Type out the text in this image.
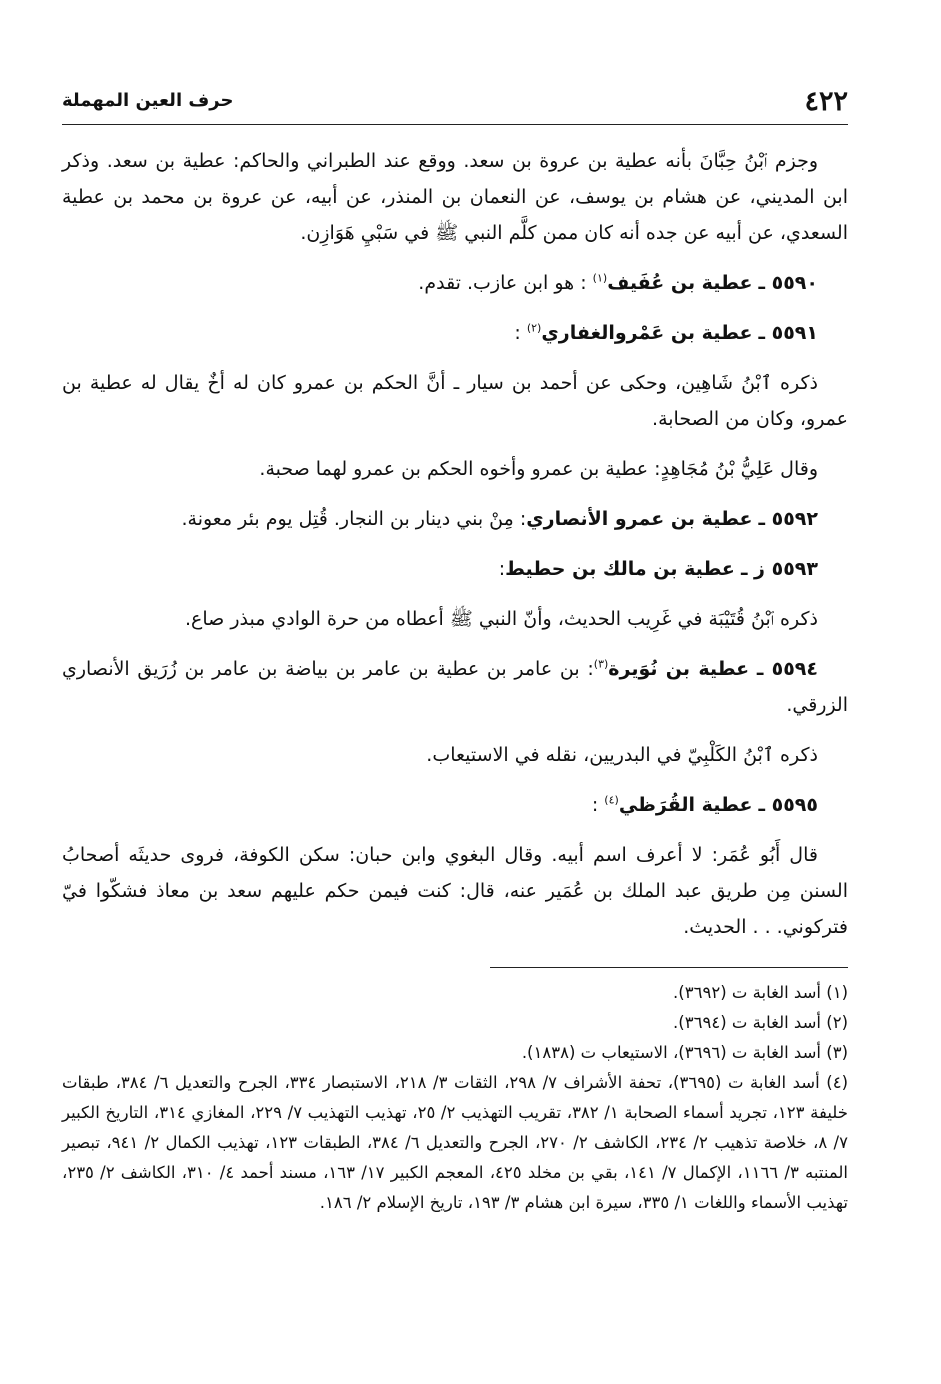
٤٢٢
حرف العين المهملة

وجزم ٱبْنُ حِبَّانَ بأنه عطية بن عروة بن سعد. ووقع عند الطبراني والحاكم: عطية بن سعد. وذكر ابن المديني، عن هشام بن يوسف، عن النعمان بن المنذر، عن أبيه، عن عروة بن محمد بن عطية السعدي، عن أبيه عن جده أنه كان ممن كلَّم النبي ﷺ في سَبْيِ هَوَازِن.

٥٥٩٠ ـ عطية بن عُفَيف$^{(١)}$ : هو ابن عازب. تقدم.

٥٥٩١ ـ عطية بن عَمْروالغفاري$^{(٢)}$ :

ذكره ٱبْنُ شَاهِين، وحكى عن أحمد بن سيار ـ أنَّ الحكم بن عمرو كان له أخٌ يقال له عطية بن عمرو، وكان من الصحابة.

وقال عَلِيُّ بْنُ مُجَاهِدٍ: عطية بن عمرو وأخوه الحكم بن عمرو لهما صحبة.

٥٥٩٢ ـ عطية بن عمرو الأنصاري: مِنْ بني دينار بن النجار. قُتِل يوم بئر معونة.

٥٥٩٣ ز ـ عطية بن مالك بن حطيط:

ذكره ٱبْنُ قُتَيْبَة في غَرِيب الحديث، وأنّ النبي ﷺ أعطاه من حرة الوادي مبذر صاع.

٥٥٩٤ ـ عطية بن نُوَيرة$^{(٣)}$: بن عامر بن عطية بن عامر بن بياضة بن عامر بن زُرَيق الأنصاري الزرقي.

ذكره ٱبْنُ الكَلْبِيّ في البدريين، نقله في الاستيعاب.

٥٥٩٥ ـ عطية القُرَظي$^{(٤)}$ :

قال أَبُو عُمَر: لا أعرف اسم أبيه. وقال البغوي وابن حبان: سكن الكوفة، فروى حديثَه أصحابُ السنن مِن طريق عبد الملك بن عُمَير عنه، قال: كنت فيمن حكم عليهم سعد بن معاذ فشكّوا فيّ فتركوني. . . الحديث.

(١) أسد الغابة ت (٣٦٩٢).
(٢) أسد الغابة ت (٣٦٩٤).
(٣) أسد الغابة ت (٣٦٩٦)، الاستيعاب ت (١٨٣٨).
(٤) أسد الغابة ت (٣٦٩٥)، تحفة الأشراف ٧/ ٢٩٨، الثقات ٣/ ٢١٨، الاستبصار ٣٣٤، الجرح والتعديل ٦/ ٣٨٤، طبقات خليفة ١٢٣، تجريد أسماء الصحابة ١/ ٣٨٢، تقريب التهذيب ٢/ ٢٥، تهذيب التهذيب ٧/ ٢٢٩، المغازي ٣١٤، التاريخ الكبير ٧/ ٨، خلاصة تذهيب ٢/ ٢٣٤، الكاشف ٢/ ٢٧٠، الجرح والتعديل ٦/ ٣٨٤، الطبقات ١٢٣، تهذيب الكمال ٢/ ٩٤١، تبصير المنتبه ٣/ ١١٦٦، الإكمال ٧/ ١٤١، بقي بن مخلد ٤٢٥، المعجم الكبير ١٧/ ١٦٣، مسند أحمد ٤/ ٣١٠، الكاشف ٢/ ٢٣٥، تهذيب الأسماء واللغات ١/ ٣٣٥، سيرة ابن هشام ٣/ ١٩٣، تاريخ الإسلام ٢/ ١٨٦.
